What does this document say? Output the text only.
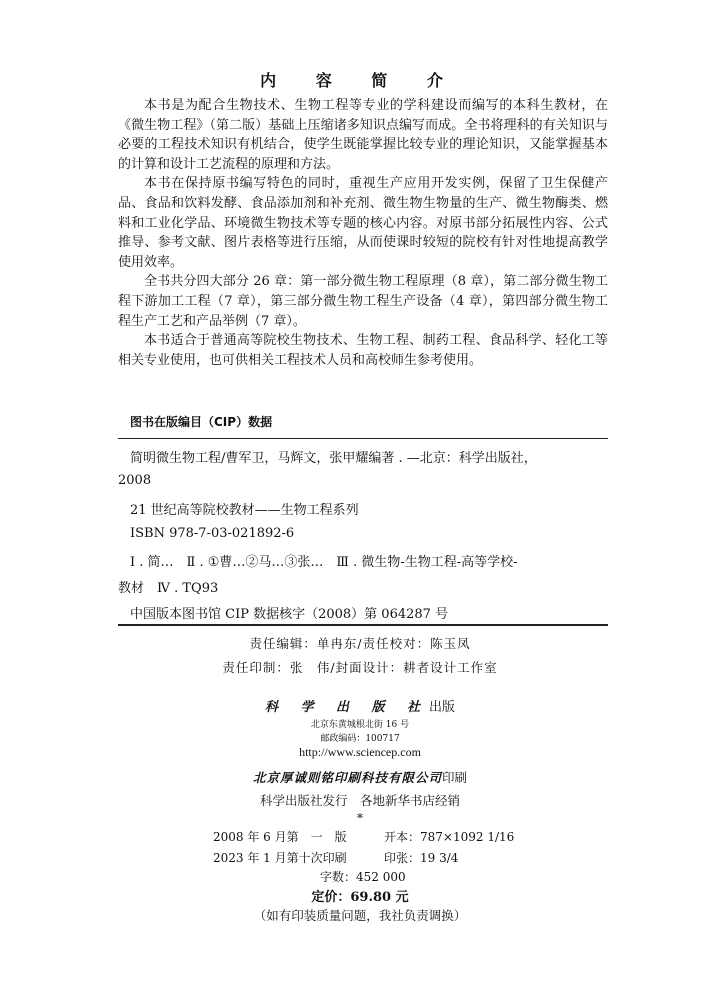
内 容 简 介

本书是为配合生物技术、生物工程等专业的学科建设而编写的本科生教材，在《微生物工程》（第二版）基础上压缩诸多知识点编写而成。全书将理科的有关知识与必要的工程技术知识有机结合，使学生既能掌握比较专业的理论知识，又能掌握基本的计算和设计工艺流程的原理和方法。

本书在保持原书编写特色的同时，重视生产应用开发实例，保留了卫生保健产品、食品和饮料发酵、食品添加剂和补充剂、微生物生物量的生产、微生物酶类、燃料和工业化学品、环境微生物技术等专题的核心内容。对原书部分拓展性内容、公式推导、参考文献、图片表格等进行压缩，从而使课时较短的院校有针对性地提高教学使用效率。

全书共分四大部分 26 章：第一部分微生物工程原理（8 章），第二部分微生物工程下游加工工程（7 章），第三部分微生物工程生产设备（4 章），第四部分微生物工程生产工艺和产品举例（7 章）。

本书适合于普通高等院校生物技术、生物工程、制药工程、食品科学、轻化工等相关专业使用，也可供相关工程技术人员和高校师生参考使用。

图书在版编目（CIP）数据
简明微生物工程/曹军卫，马辉文，张甲耀编著 . —北京：科学出版社，
2008
21 世纪高等院校教材——生物工程系列
ISBN 978-7-03-021892-6
Ⅰ . 简…　Ⅱ . ①曹…②马…③张…　Ⅲ . 微生物-生物工程-高等学校-
教材　Ⅳ . TQ93
中国版本图书馆 CIP 数据核字（2008）第 064287 号
责任编辑：单冉东/责任校对：陈玉凤
责任印制：张　伟/封面设计：耕者设计工作室
科 学 出 版 社出版
北京东黄城根北街 16 号
邮政编码：100717
http://www.sciencep.com
北京厚诚则铭印刷科技有限公司印刷
科学出版社发行　各地新华书店经销
*
2008 年 6 月第　一　版	开本：787×1092 1/16
2023 年 1 月第十次印刷	印张：19 3/4
字数：452 000
定价：69.80 元
（如有印装质量问题，我社负责调换）
